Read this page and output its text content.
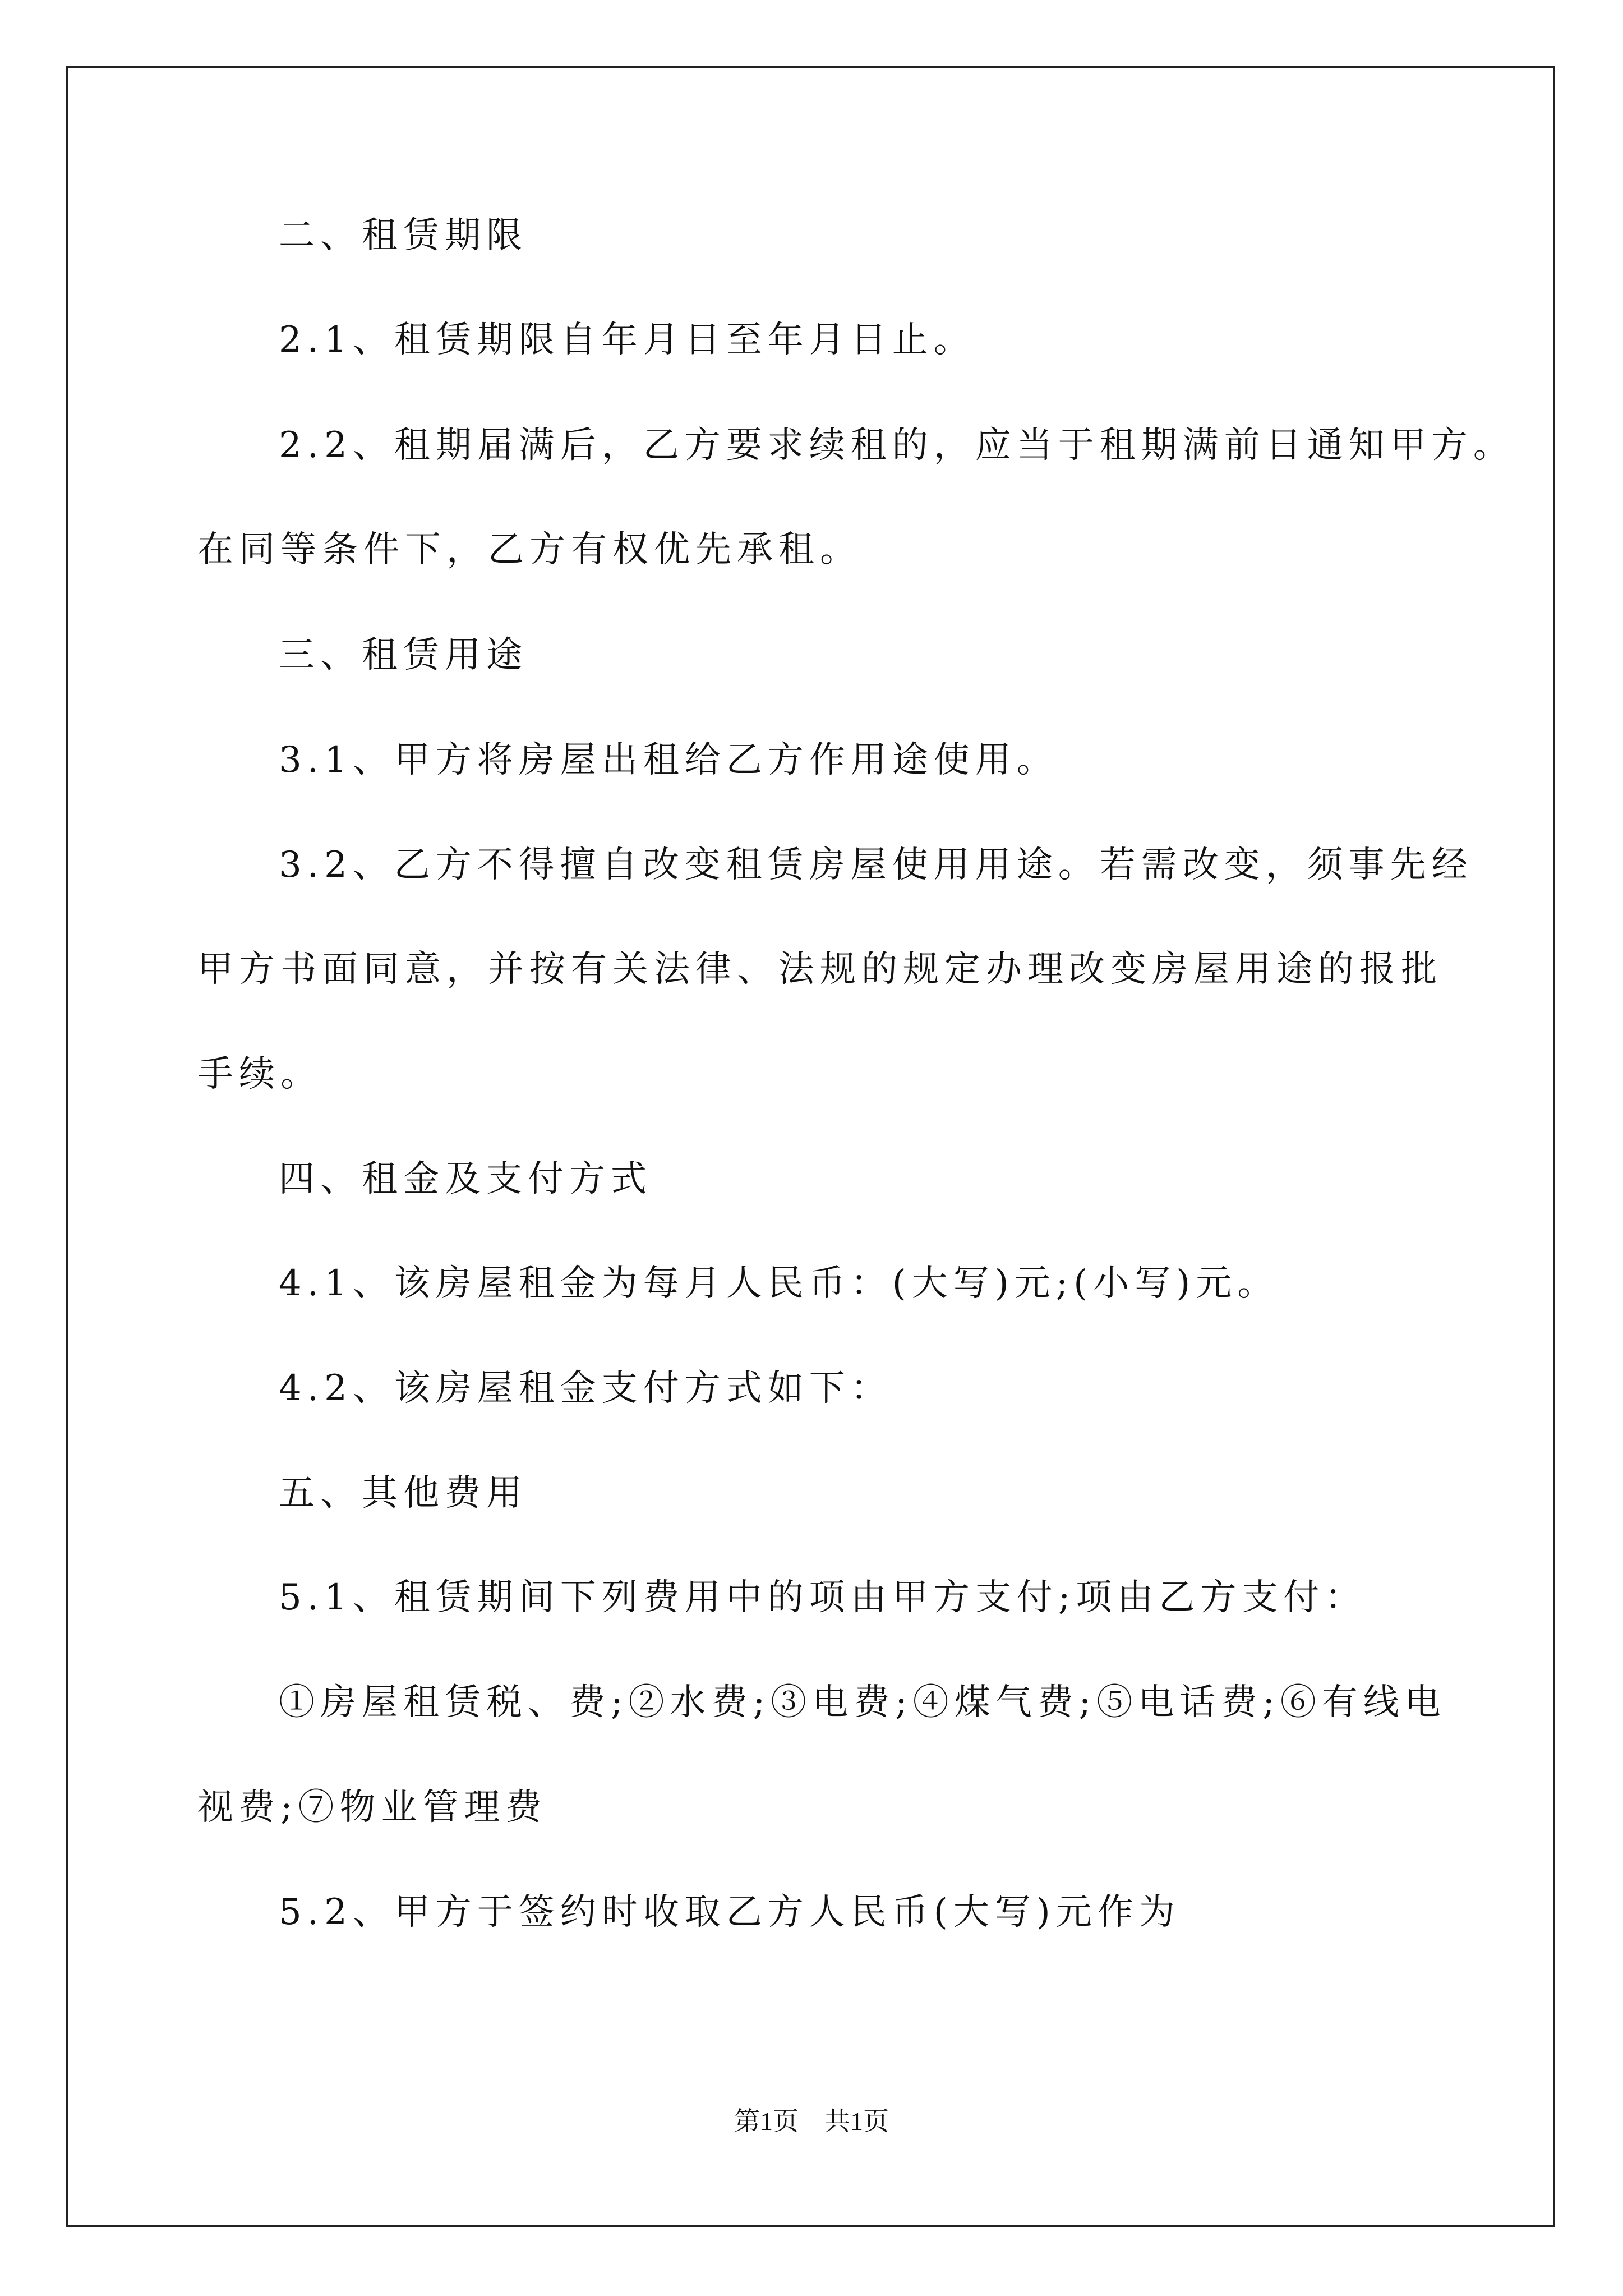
二、租赁期限
2.1、租赁期限自年月日至年月日止。
2.2、租期届满后，乙方要求续租的，应当于租期满前日通知甲方。
在同等条件下，乙方有权优先承租。
三、租赁用途
3.1、甲方将房屋出租给乙方作用途使用。
3.2、乙方不得擅自改变租赁房屋使用用途。若需改变，须事先经
甲方书面同意，并按有关法律、法规的规定办理改变房屋用途的报批
手续。
四、租金及支付方式
4.1、该房屋租金为每月人民币：(大写)元;(小写)元。
4.2、该房屋租金支付方式如下：
五、其他费用
5.1、租赁期间下列费用中的项由甲方支付;项由乙方支付：
①房屋租赁税、费;②水费;③电费;④煤气费;⑤电话费;⑥有线电
视费;⑦物业管理费
5.2、甲方于签约时收取乙方人民币(大写)元作为
第1页　共1页
